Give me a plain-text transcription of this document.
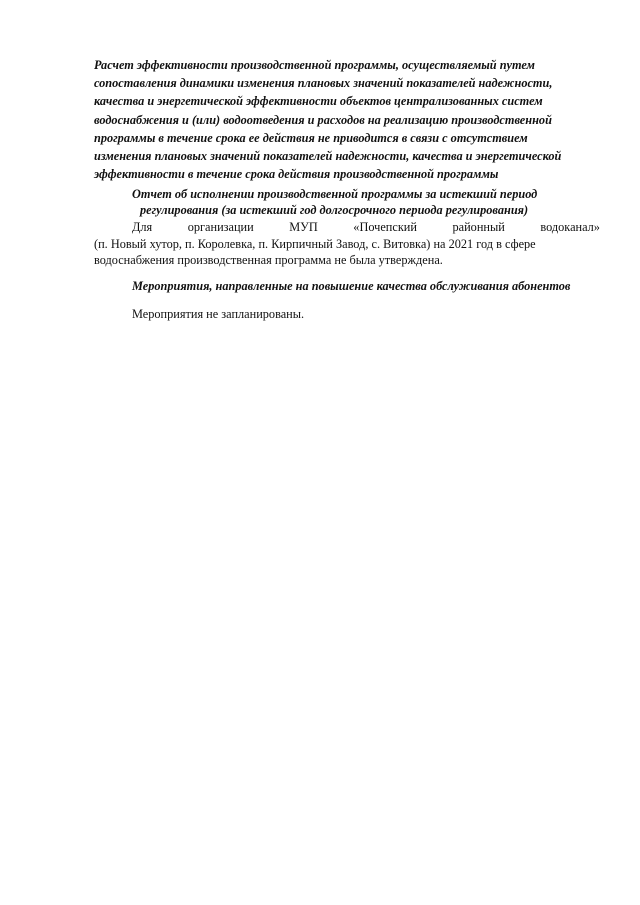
Расчет эффективности производственной программы, осуществляемый путем
сопоставления динамики изменения плановых значений показателей надежности,
качества и энергетической эффективности объектов централизованных систем
водоснабжения и (или) водоотведения и расходов на реализацию производственной
программы в течение срока ее действия не приводится в связи с отсутствием
изменения плановых значений показателей надежности, качества и энергетической
эффективности в течение срока действия производственной программы
Отчет об исполнении производственной программы за истекший период
регулирования (за истекший год долгосрочного периода регулирования)
Для	организации	МУП	«Почепский	районный	водоканал»
(п. Новый хутор, п. Королевка, п. Кирпичный Завод, с. Витовка) на 2021 год в сфере
водоснабжения производственная программа не была утверждена.
Мероприятия, направленные на повышение качества обслуживания абонентов
Мероприятия не запланированы.
